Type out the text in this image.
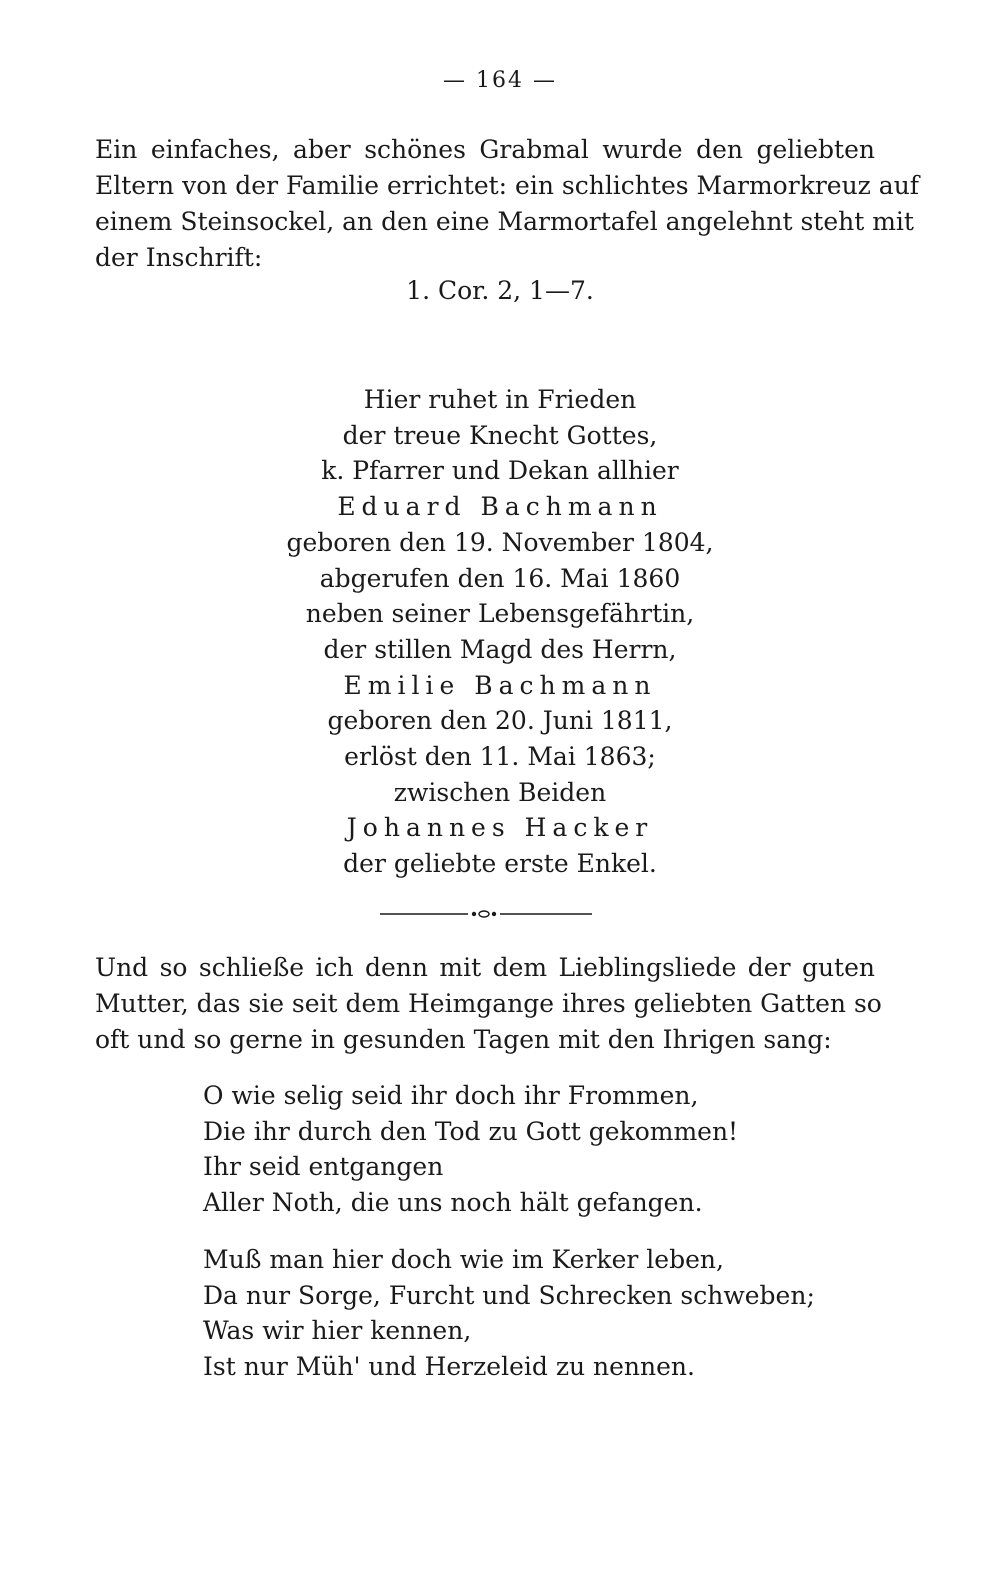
— 164 —
Ein einfaches, aber schönes Grabmal wurde den geliebten
Eltern von der Familie errichtet: ein schlichtes Marmorkreuz auf
einem Steinsockel, an den eine Marmortafel angelehnt steht mit
der Inschrift:
1. Cor. 2, 1—7.
Hier ruhet in Frieden
der treue Knecht Gottes,
k. Pfarrer und Dekan allhier
Eduard Bachmann
geboren den 19. November 1804,
abgerufen den 16. Mai 1860
neben seiner Lebensgefährtin,
der stillen Magd des Herrn,
Emilie Bachmann
geboren den 20. Juni 1811,
erlöst den 11. Mai 1863;
zwischen Beiden
Johannes Hacker
der geliebte erste Enkel.
Und so schließe ich denn mit dem Lieblingsliede der guten
Mutter, das sie seit dem Heimgange ihres geliebten Gatten so
oft und so gerne in gesunden Tagen mit den Ihrigen sang:
O wie selig seid ihr doch ihr Frommen,
Die ihr durch den Tod zu Gott gekommen!
Ihr seid entgangen
Aller Noth, die uns noch hält gefangen.
Muß man hier doch wie im Kerker leben,
Da nur Sorge, Furcht und Schrecken schweben;
Was wir hier kennen,
Ist nur Müh' und Herzeleid zu nennen.
